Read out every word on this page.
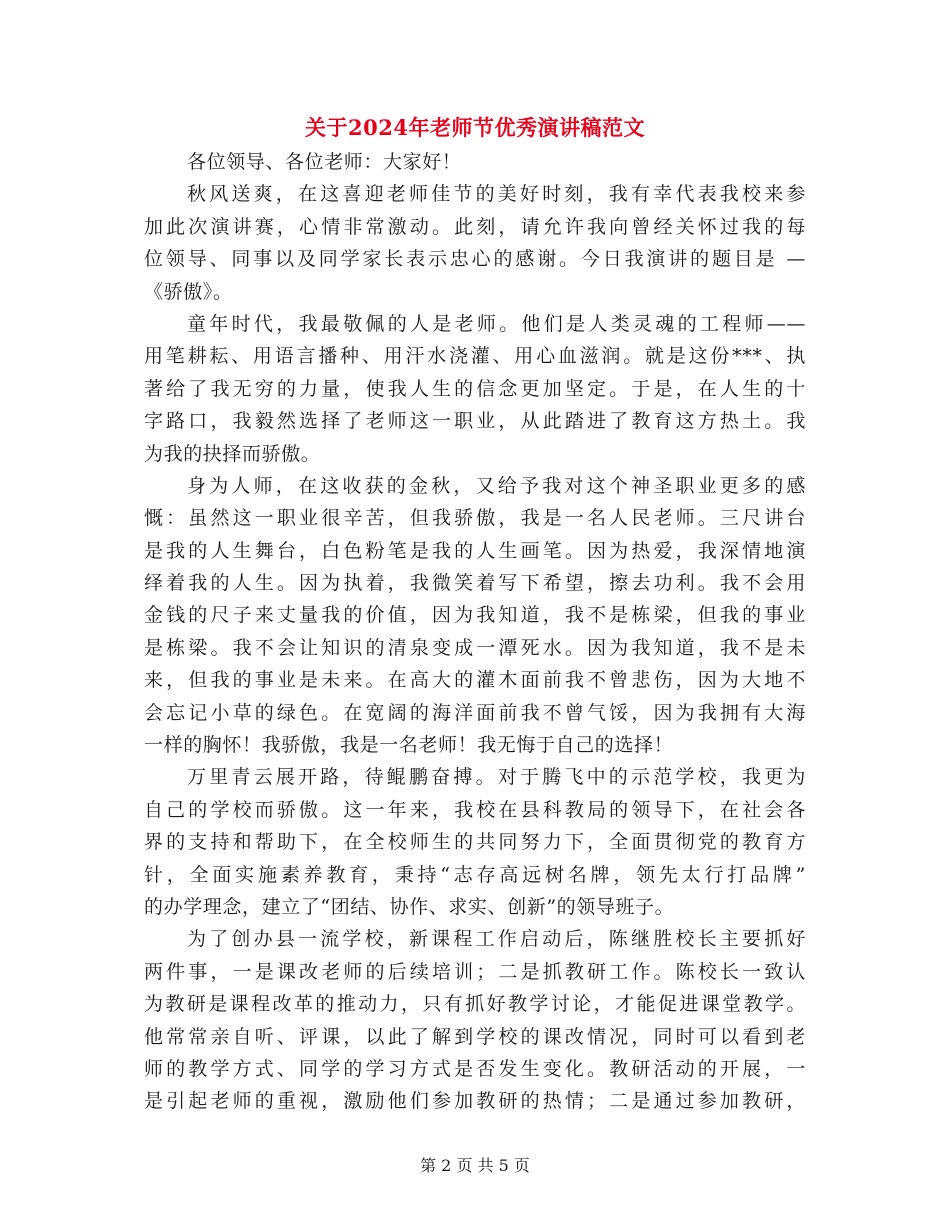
关于2024年老师节优秀演讲稿范文
各位领导、各位老师：大家好！
秋风送爽，在这喜迎老师佳节的美好时刻，我有幸代表我校来参
加此次演讲赛，心情非常激动。此刻，请允许我向曾经关怀过我的每
位领导、同事以及同学家长表示忠心的感谢。今日我演讲的题目是 —
《骄傲》。
童年时代，我最敬佩的人是老师。他们是人类灵魂的工程师——
用笔耕耘、用语言播种、用汗水浇灌、用心血滋润。就是这份***、执
著给了我无穷的力量，使我人生的信念更加坚定。于是，在人生的十
字路口，我毅然选择了老师这一职业，从此踏进了教育这方热土。我
为我的抉择而骄傲。
身为人师，在这收获的金秋，又给予我对这个神圣职业更多的感
慨：虽然这一职业很辛苦，但我骄傲，我是一名人民老师。三尺讲台
是我的人生舞台，白色粉笔是我的人生画笔。因为热爱，我深情地演
绎着我的人生。因为执着，我微笑着写下希望，擦去功利。我不会用
金钱的尺子来丈量我的价值，因为我知道，我不是栋梁，但我的事业
是栋梁。我不会让知识的清泉变成一潭死水。因为我知道，我不是未
来，但我的事业是未来。在高大的灌木面前我不曾悲伤，因为大地不
会忘记小草的绿色。在宽阔的海洋面前我不曾气馁，因为我拥有大海
一样的胸怀！我骄傲，我是一名老师！我无悔于自己的选择！
万里青云展开路，待鲲鹏奋搏。对于腾飞中的示范学校，我更为
自己的学校而骄傲。这一年来，我校在县科教局的领导下，在社会各
界的支持和帮助下，在全校师生的共同努力下，全面贯彻党的教育方
针，全面实施素养教育，秉持“志存高远树名牌，领先太行打品牌”
的办学理念，建立了“团结、协作、求实、创新”的领导班子。
为了创办县一流学校，新课程工作启动后，陈继胜校长主要抓好
两件事，一是课改老师的后续培训；二是抓教研工作。陈校长一致认
为教研是课程改革的推动力，只有抓好教学讨论，才能促进课堂教学。
他常常亲自听、评课，以此了解到学校的课改情况，同时可以看到老
师的教学方式、同学的学习方式是否发生变化。教研活动的开展，一
是引起老师的重视，激励他们参加教研的热情；二是通过参加教研，
第 2 页 共 5 页
